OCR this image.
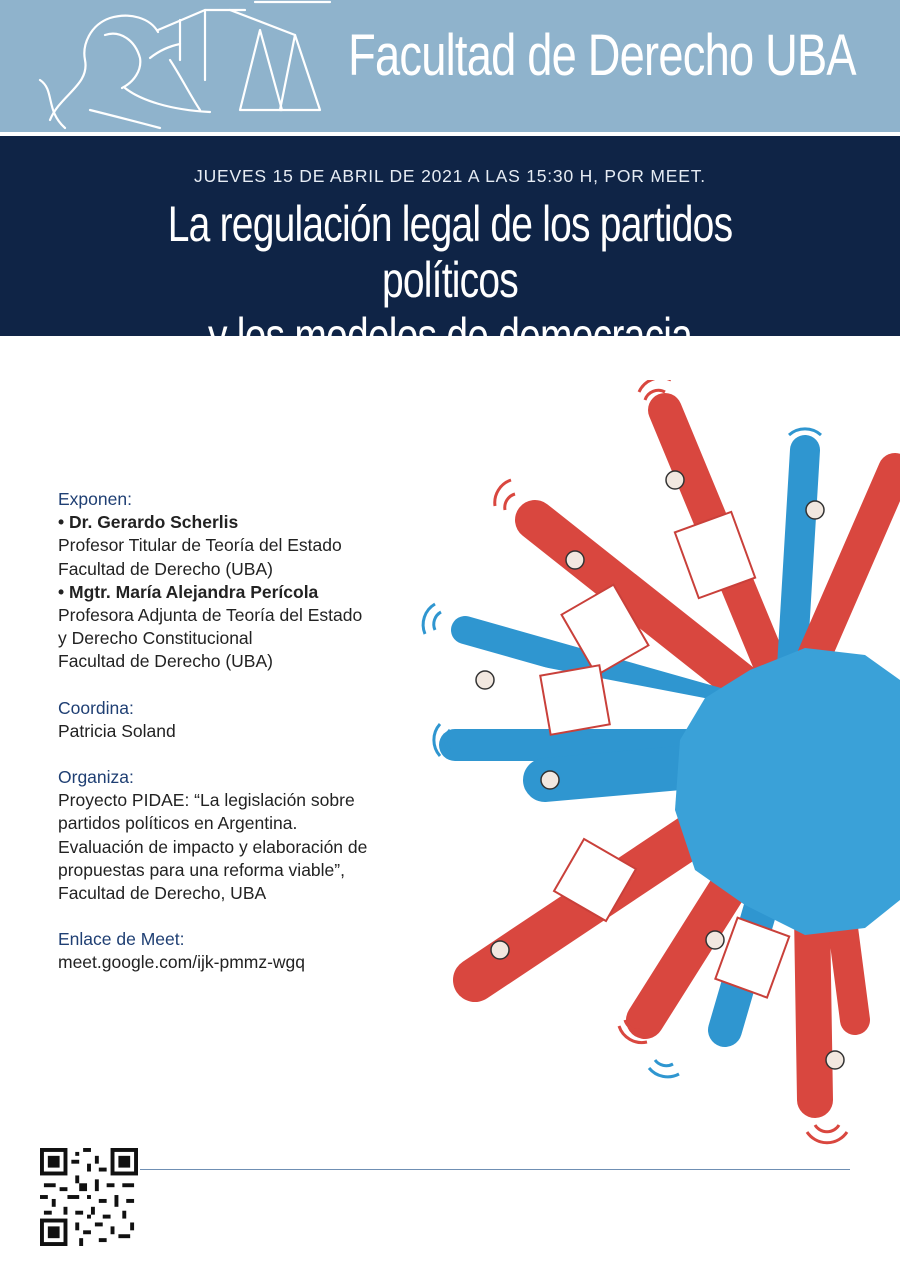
Facultad de Derecho UBA
JUEVES 15 DE ABRIL DE 2021 A LAS 15:30 H, POR MEET.
La regulación legal de los partidos políticos
y los modelos de democracia
Exponen:
• Dr. Gerardo Scherlis
Profesor Titular de Teoría del Estado
Facultad de Derecho (UBA)
• Mgtr. María Alejandra Perícola
Profesora Adjunta de Teoría del Estado
y Derecho Constitucional
Facultad de Derecho (UBA)
Coordina:
Patricia Soland
Organiza:
Proyecto PIDAE: “La legislación sobre
partidos políticos en Argentina.
Evaluación de impacto y elaboración de
propuestas para una reforma viable”,
Facultad de Derecho, UBA
Enlace de Meet:
meet.google.com/ijk-pmmz-wgq
